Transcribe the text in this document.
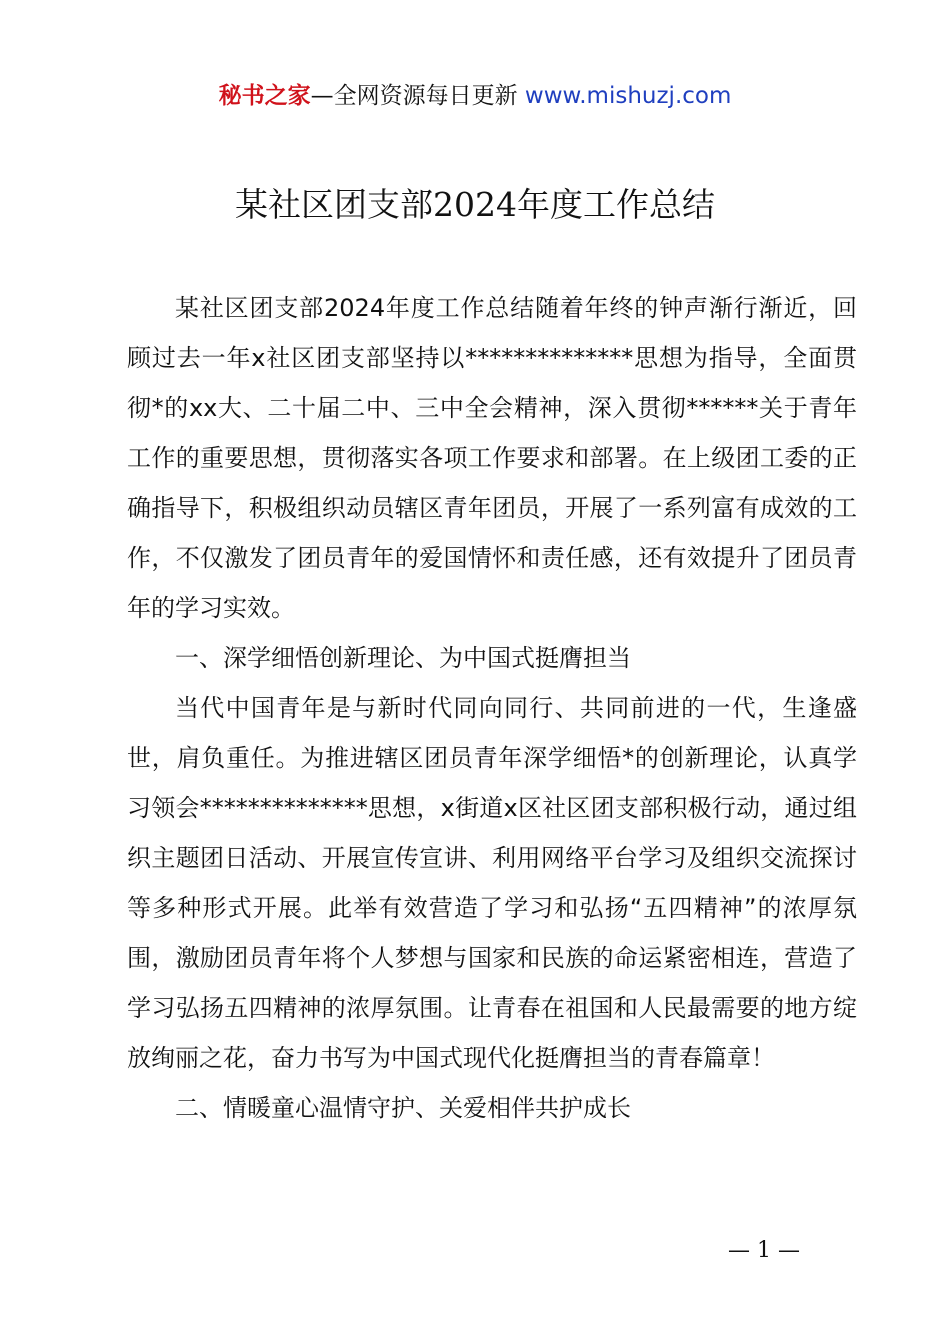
秘书之家—全网资源每日更新 www.mishuzj.com
某社区团支部2024年度工作总结

某社区团支部2024年度工作总结随着年终的钟声渐行渐近，回顾过去一年x社区团支部坚持以**************思想为指导，全面贯彻*的xx大、二十届二中、三中全会精神，深入贯彻******关于青年工作的重要思想，贯彻落实各项工作要求和部署。在上级团工委的正确指导下，积极组织动员辖区青年团员，开展了一系列富有成效的工作，不仅激发了团员青年的爱国情怀和责任感，还有效提升了团员青年的学习实效。

一、深学细悟创新理论、为中国式挺膺担当

当代中国青年是与新时代同向同行、共同前进的一代，生逢盛世，肩负重任。为推进辖区团员青年深学细悟*的创新理论，认真学习领会**************思想，x街道x区社区团支部积极行动，通过组织主题团日活动、开展宣传宣讲、利用网络平台学习及组织交流探讨等多种形式开展。此举有效营造了学习和弘扬“五四精神”的浓厚氛围，激励团员青年将个人梦想与国家和民族的命运紧密相连，营造了学习弘扬五四精神的浓厚氛围。让青春在祖国和人民最需要的地方绽放绚丽之花，奋力书写为中国式现代化挺膺担当的青春篇章！

二、情暖童心温情守护、关爱相伴共护成长

— 1 —
